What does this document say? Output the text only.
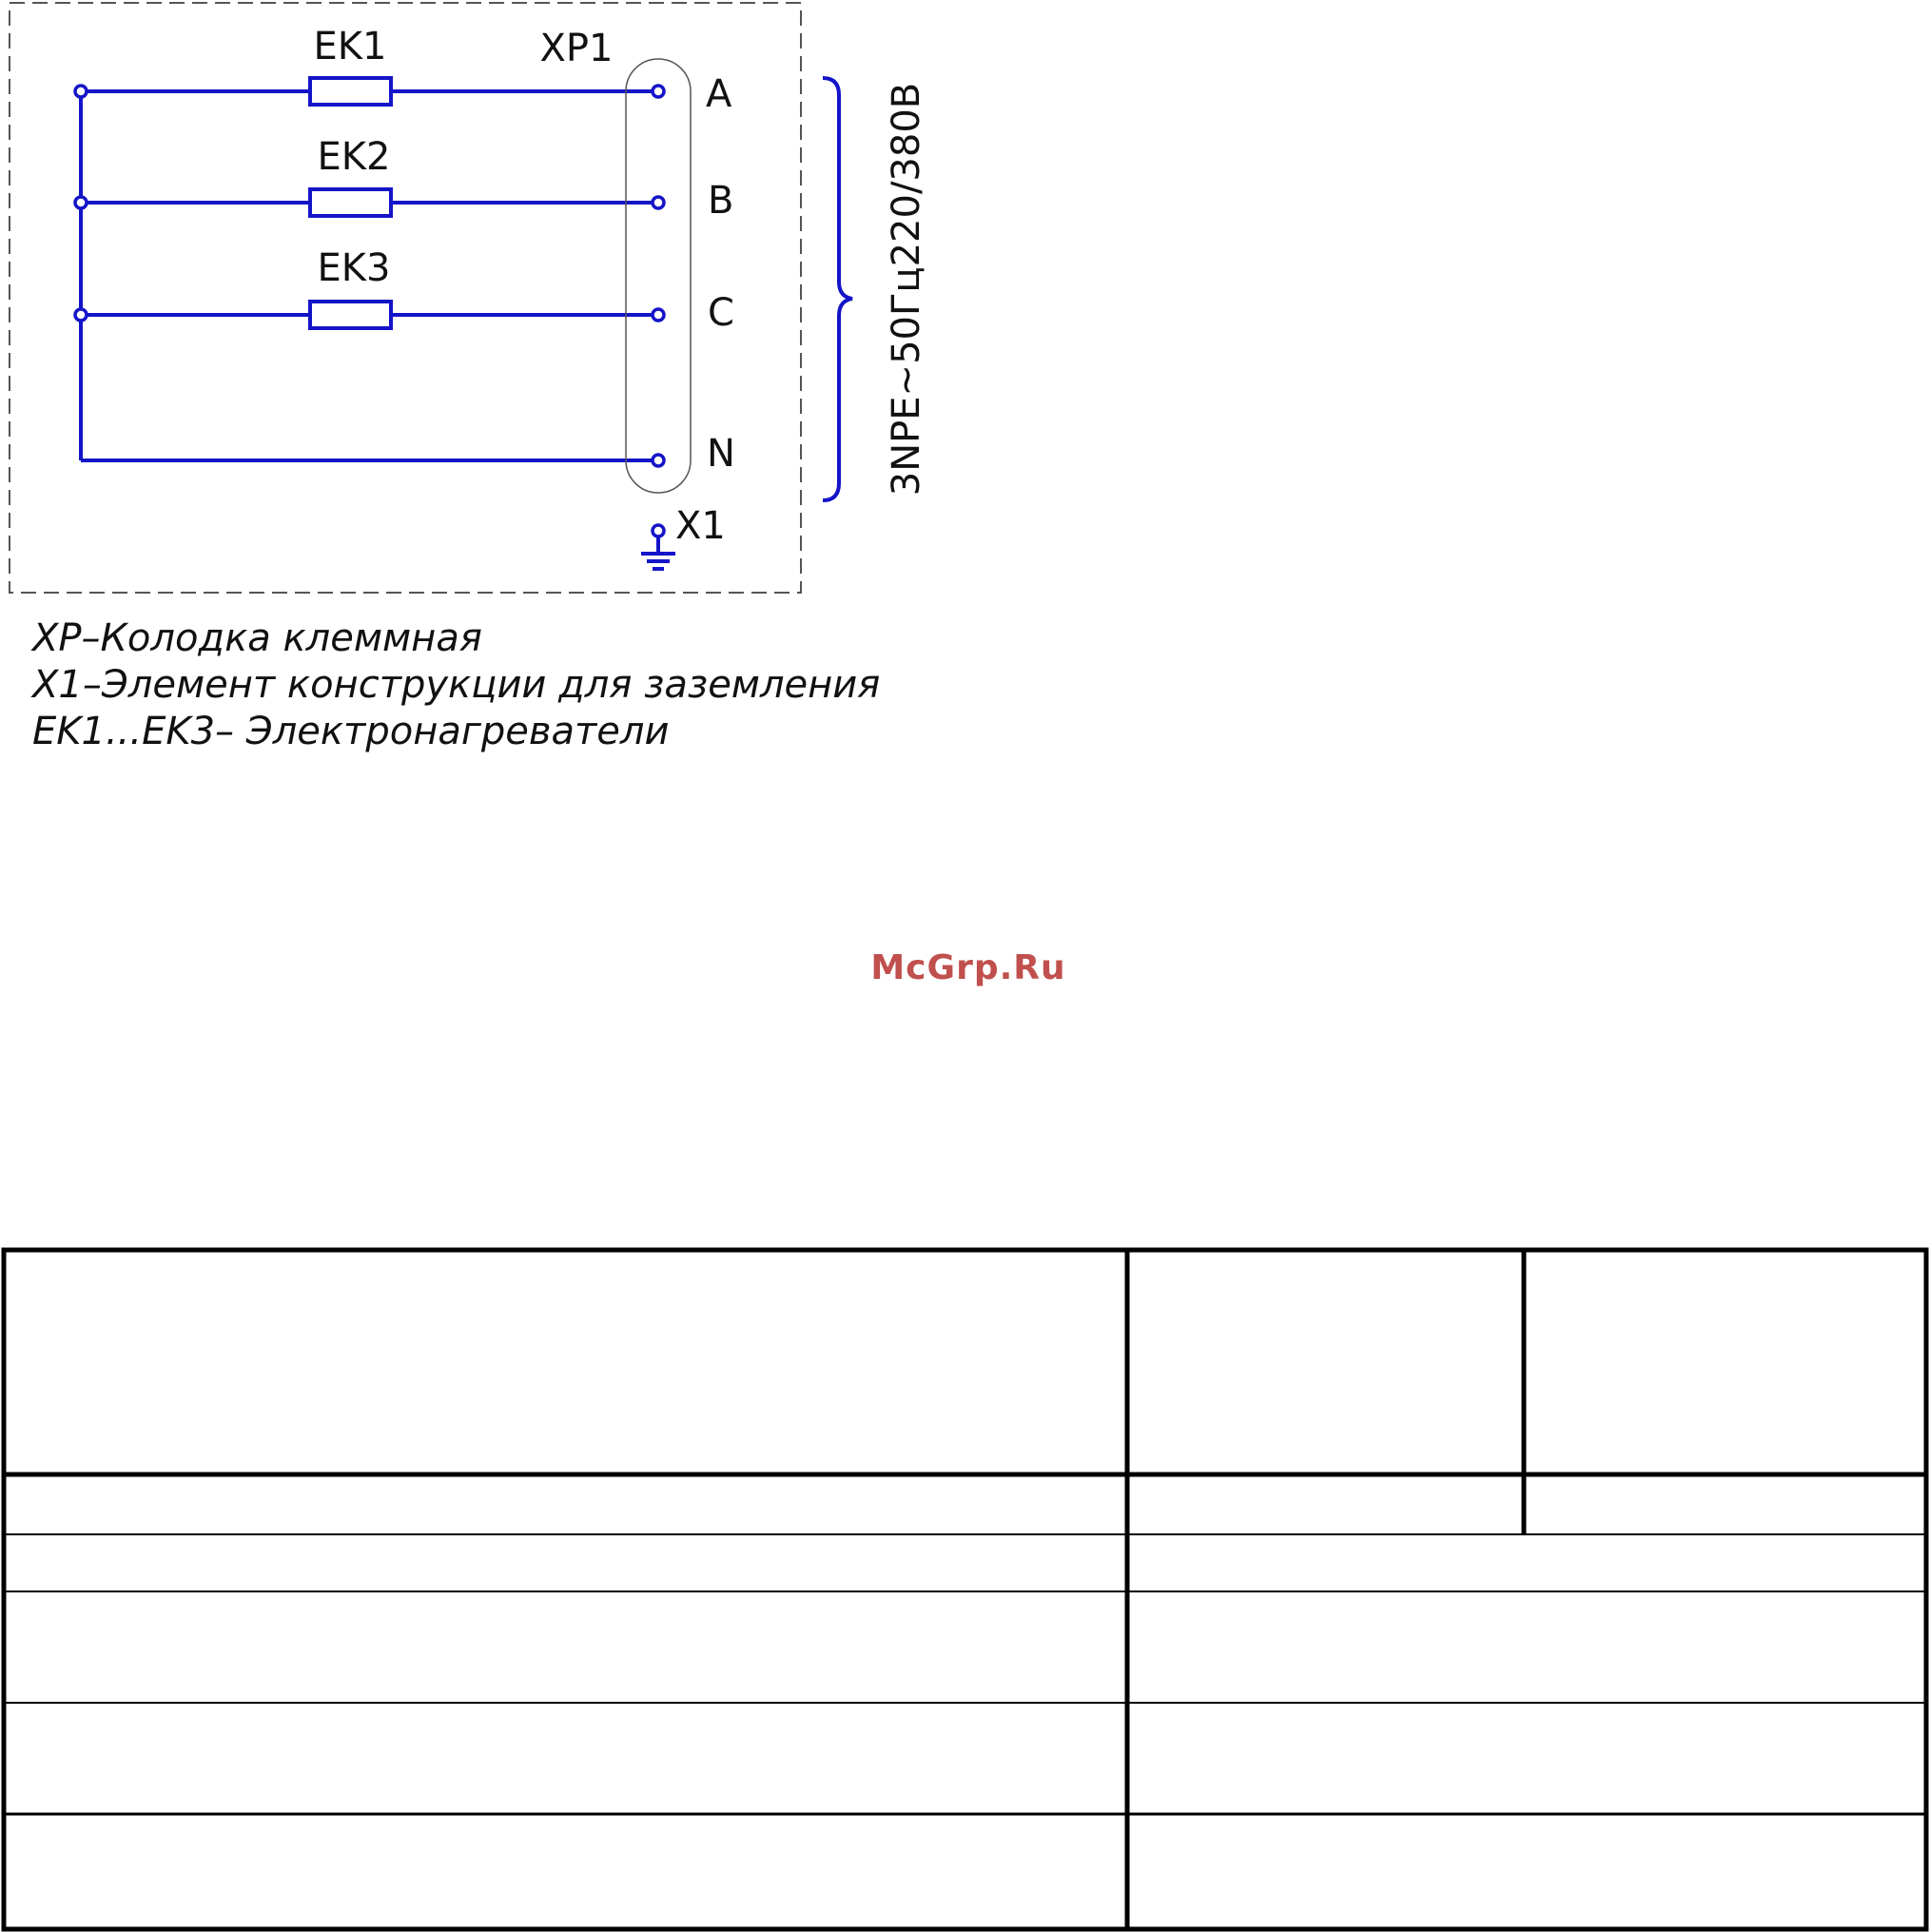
EK1
EK2
EK3
XP1
A
B
C
N
X1
3NPE~50Гц220/380В
XP–Колодка клеммная
X1–Элемент конструкции для заземления
EK1...EK3– Электронагреватели
McGrp.Ru
